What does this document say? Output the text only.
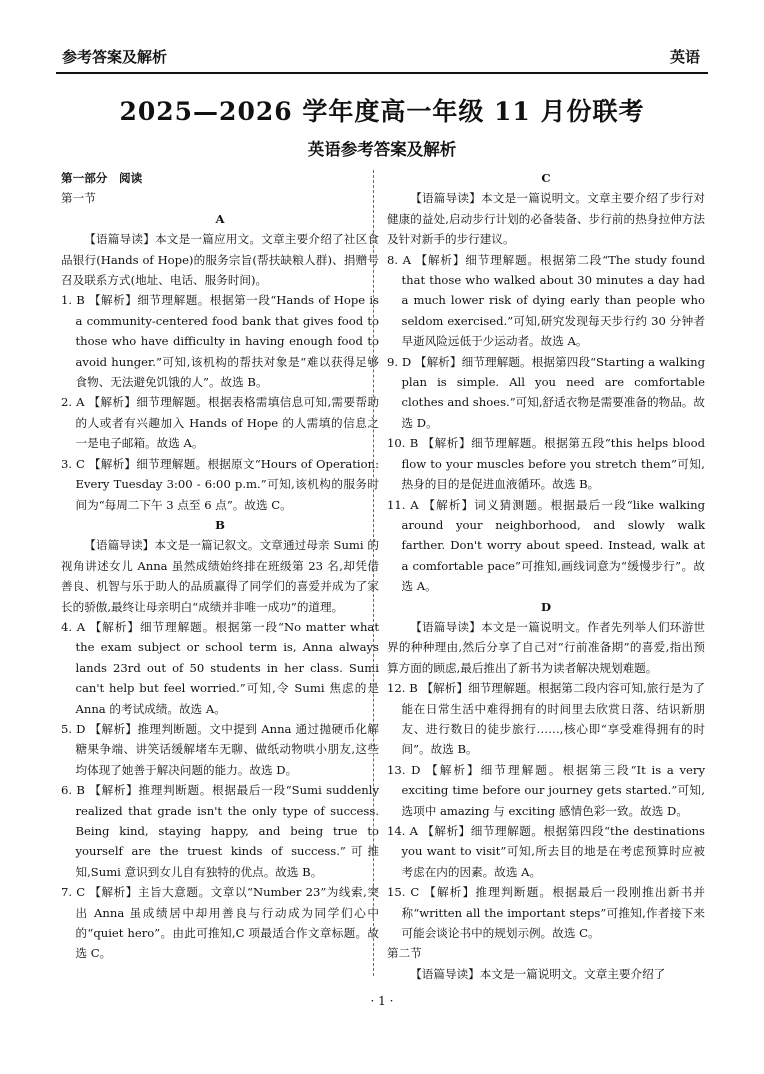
参考答案及解析	英语
2025—2026 学年度高一年级 11 月份联考
英语参考答案及解析
第一部分　阅读
第一节
A
【语篇导读】本文是一篇应用文。文章主要介绍了社区食品银行(Hands of Hope)的服务宗旨(帮扶缺粮人群)、捐赠号召及联系方式(地址、电话、服务时间)。
1. B 【解析】细节理解题。根据第一段“Hands of Hope is a community-centered food bank that gives food to those who have difficulty in having enough food to avoid hunger.”可知,该机构的帮扶对象是“难以获得足够食物、无法避免饥饿的人”。故选 B。
2. A 【解析】细节理解题。根据表格需填信息可知,需要帮助的人或者有兴趣加入 Hands of Hope 的人需填的信息之一是电子邮箱。故选 A。
3. C 【解析】细节理解题。根据原文“Hours of Operation: Every Tuesday 3:00 - 6:00 p.m.”可知,该机构的服务时间为“每周二下午 3 点至 6 点”。故选 C。
B
【语篇导读】本文是一篇记叙文。文章通过母亲 Sumi 的视角讲述女儿 Anna 虽然成绩始终排在班级第 23 名,却凭借善良、机智与乐于助人的品质赢得了同学们的喜爱并成为了家长的骄傲,最终让母亲明白“成绩并非唯一成功”的道理。
4. A 【解析】细节理解题。根据第一段“No matter what the exam subject or school term is, Anna always lands 23rd out of 50 students in her class. Sumi can't help but feel worried.”可知,令 Sumi 焦虑的是 Anna 的考试成绩。故选 A。
5. D 【解析】推理判断题。文中提到 Anna 通过抛硬币化解糖果争端、讲笑话缓解堵车无聊、做纸动物哄小朋友,这些均体现了她善于解决问题的能力。故选 D。
6. B 【解析】推理判断题。根据最后一段“Sumi suddenly realized that grade isn't the only type of success. Being kind, staying happy, and being true to yourself are the truest kinds of success.”可推知,Sumi 意识到女儿自有独特的优点。故选 B。
7. C 【解析】主旨大意题。文章以“Number 23”为线索,突出 Anna 虽成绩居中却用善良与行动成为同学们心中的“quiet hero”。由此可推知,C 项最适合作文章标题。故选 C。
C
【语篇导读】本文是一篇说明文。文章主要介绍了步行对健康的益处,启动步行计划的必备装备、步行前的热身拉伸方法及针对新手的步行建议。
8. A 【解析】细节理解题。根据第二段“The study found that those who walked about 30 minutes a day had a much lower risk of dying early than people who seldom exercised.”可知,研究发现每天步行约 30 分钟者早逝风险远低于少运动者。故选 A。
9. D 【解析】细节理解题。根据第四段“Starting a walking plan is simple. All you need are comfortable clothes and shoes.”可知,舒适衣物是需要准备的物品。故选 D。
10. B 【解析】细节理解题。根据第五段“this helps blood flow to your muscles before you stretch them”可知,热身的目的是促进血液循环。故选 B。
11. A 【解析】词义猜测题。根据最后一段“like walking around your neighborhood, and slowly walk farther. Don't worry about speed. Instead, walk at a comfortable pace”可推知,画线词意为“缓慢步行”。故选 A。
D
【语篇导读】本文是一篇说明文。作者先列举人们环游世界的种种理由,然后分享了自己对“行前准备期”的喜爱,指出预算方面的顾虑,最后推出了新书为读者解决规划难题。
12. B 【解析】细节理解题。根据第二段内容可知,旅行是为了能在日常生活中难得拥有的时间里去欣赏日落、结识新朋友、进行数日的徒步旅行……,核心即“享受难得拥有的时间”。故选 B。
13. D 【解析】细节理解题。根据第三段“It is a very exciting time before our journey gets started.”可知,选项中 amazing 与 exciting 感情色彩一致。故选 D。
14. A 【解析】细节理解题。根据第四段“the destinations you want to visit”可知,所去目的地是在考虑预算时应被考虑在内的因素。故选 A。
15. C 【解析】推理判断题。根据最后一段刚推出新书并称“written all the important steps”可推知,作者接下来可能会谈论书中的规划示例。故选 C。
第二节
【语篇导读】本文是一篇说明文。文章主要介绍了
· 1 ·
